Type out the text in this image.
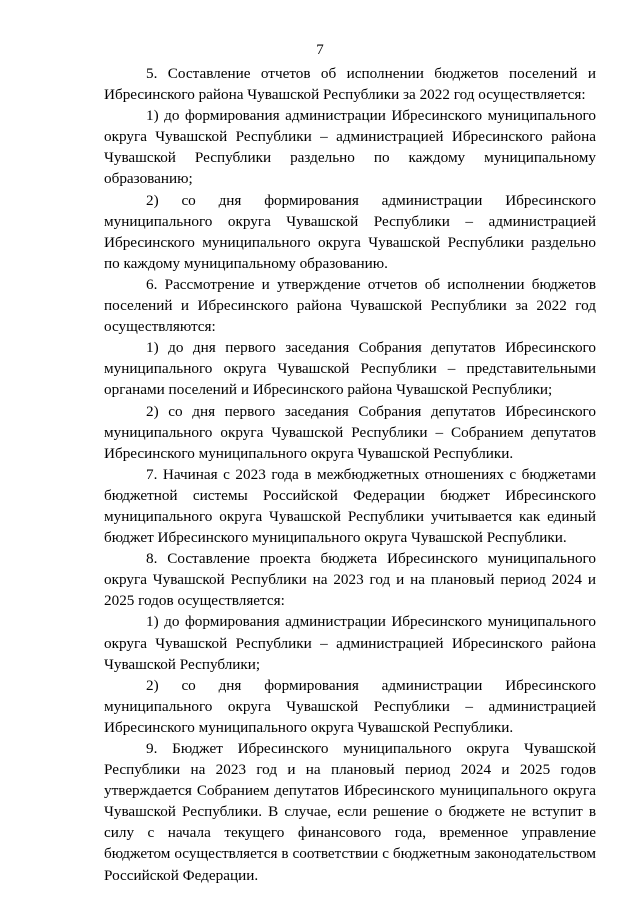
7

5. Составление отчетов об исполнении бюджетов поселений и Ибресинского района Чувашской Республики за 2022 год осуществляется:

1) до формирования администрации Ибресинского муниципального округа Чувашской Республики – администрацией Ибресинского района Чувашской Республики раздельно по каждому муниципальному образованию;

2) со дня формирования администрации Ибресинского муниципального округа Чувашской Республики – администрацией Ибресинского муниципального округа Чувашской Республики раздельно по каждому муниципальному образованию.

6. Рассмотрение и утверждение отчетов об исполнении бюджетов поселений и Ибресинского района Чувашской Республики за 2022 год осуществляются:

1) до дня первого заседания Собрания депутатов Ибресинского муниципального округа Чувашской Республики – представительными органами поселений и Ибресинского района Чувашской Республики;

2) со дня первого заседания Собрания депутатов Ибресинского муниципального округа Чувашской Республики – Собранием депутатов Ибресинского муниципального округа Чувашской Республики.

7. Начиная с 2023 года в межбюджетных отношениях с бюджетами бюджетной системы Российской Федерации бюджет Ибресинского муниципального округа Чувашской Республики учитывается как единый бюджет Ибресинского муниципального округа Чувашской Республики.

8. Составление проекта бюджета Ибресинского муниципального округа Чувашской Республики на 2023 год и на плановый период 2024 и 2025 годов осуществляется:

1) до формирования администрации Ибресинского муниципального округа Чувашской Республики – администрацией Ибресинского района Чувашской Республики;

2) со дня формирования администрации Ибресинского муниципального округа Чувашской Республики – администрацией Ибресинского муниципального округа Чувашской Республики.

9. Бюджет Ибресинского муниципального округа Чувашской Республики на 2023 год и на плановый период 2024 и 2025 годов утверждается Собранием депутатов Ибресинского муниципального округа Чувашской Республики. В случае, если решение о бюджете не вступит в силу с начала текущего финансового года, временное управление бюджетом осуществляется в соответствии с бюджетным законодательством Российской Федерации.
